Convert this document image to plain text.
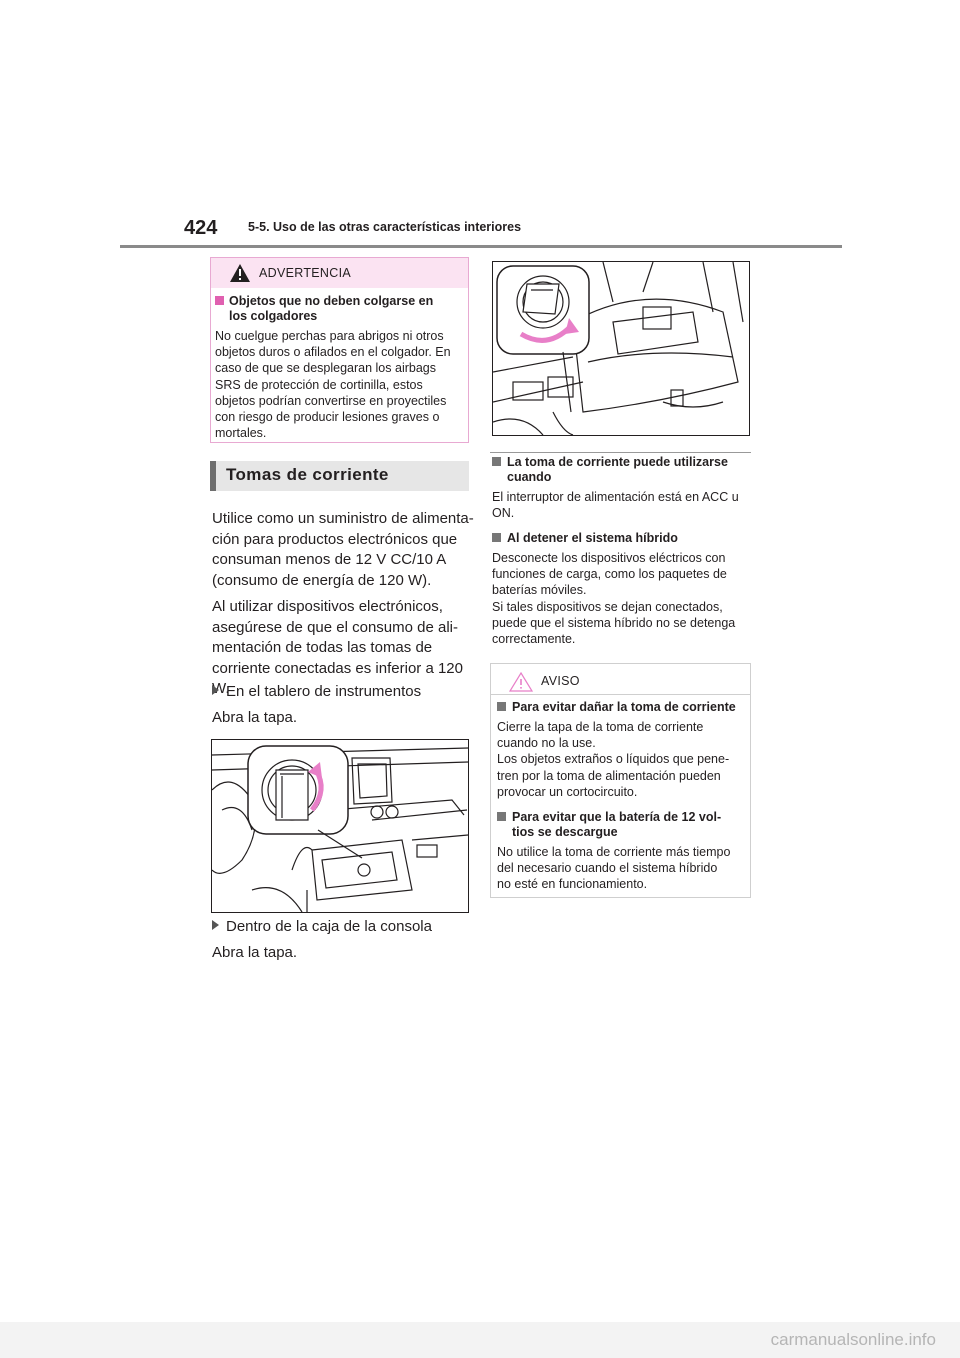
424 5-5. Uso de las otras características interiores
ADVERTENCIA
Objetos que no deben colgarse en
los colgadores
No cuelgue perchas para abrigos ni otros
objetos duros o afilados en el colgador. En
caso de que se desplegaran los airbags
SRS de protección de cortinilla, estos
objetos podrían convertirse en proyectiles
con riesgo de producir lesiones graves o
mortales.
Tomas de corriente
Utilice como un suministro de alimenta-
ción para productos electrónicos que
consuman menos de 12 V CC/10 A
(consumo de energía de 120 W).
Al utilizar dispositivos electrónicos,
asegúrese de que el consumo de ali-
mentación de todas las tomas de
corriente conectadas es inferior a 120
W.
En el tablero de instrumentos
Abra la tapa.
Dentro de la caja de la consola
Abra la tapa.
La toma de corriente puede utilizarse
cuando
El interruptor de alimentación está en ACC u
ON.
Al detener el sistema híbrido
Desconecte los dispositivos eléctricos con
funciones de carga, como los paquetes de
baterías móviles.
Si tales dispositivos se dejan conectados,
puede que el sistema híbrido no se detenga
correctamente.
AVISO
Para evitar dañar la toma de corriente
Cierre la tapa de la toma de corriente
cuando no la use.
Los objetos extraños o líquidos que pene-
tren por la toma de alimentación pueden
provocar un cortocircuito.
Para evitar que la batería de 12 vol-
tios se descargue
No utilice la toma de corriente más tiempo
del necesario cuando el sistema híbrido
no esté en funcionamiento.
carmanualsonline.info
